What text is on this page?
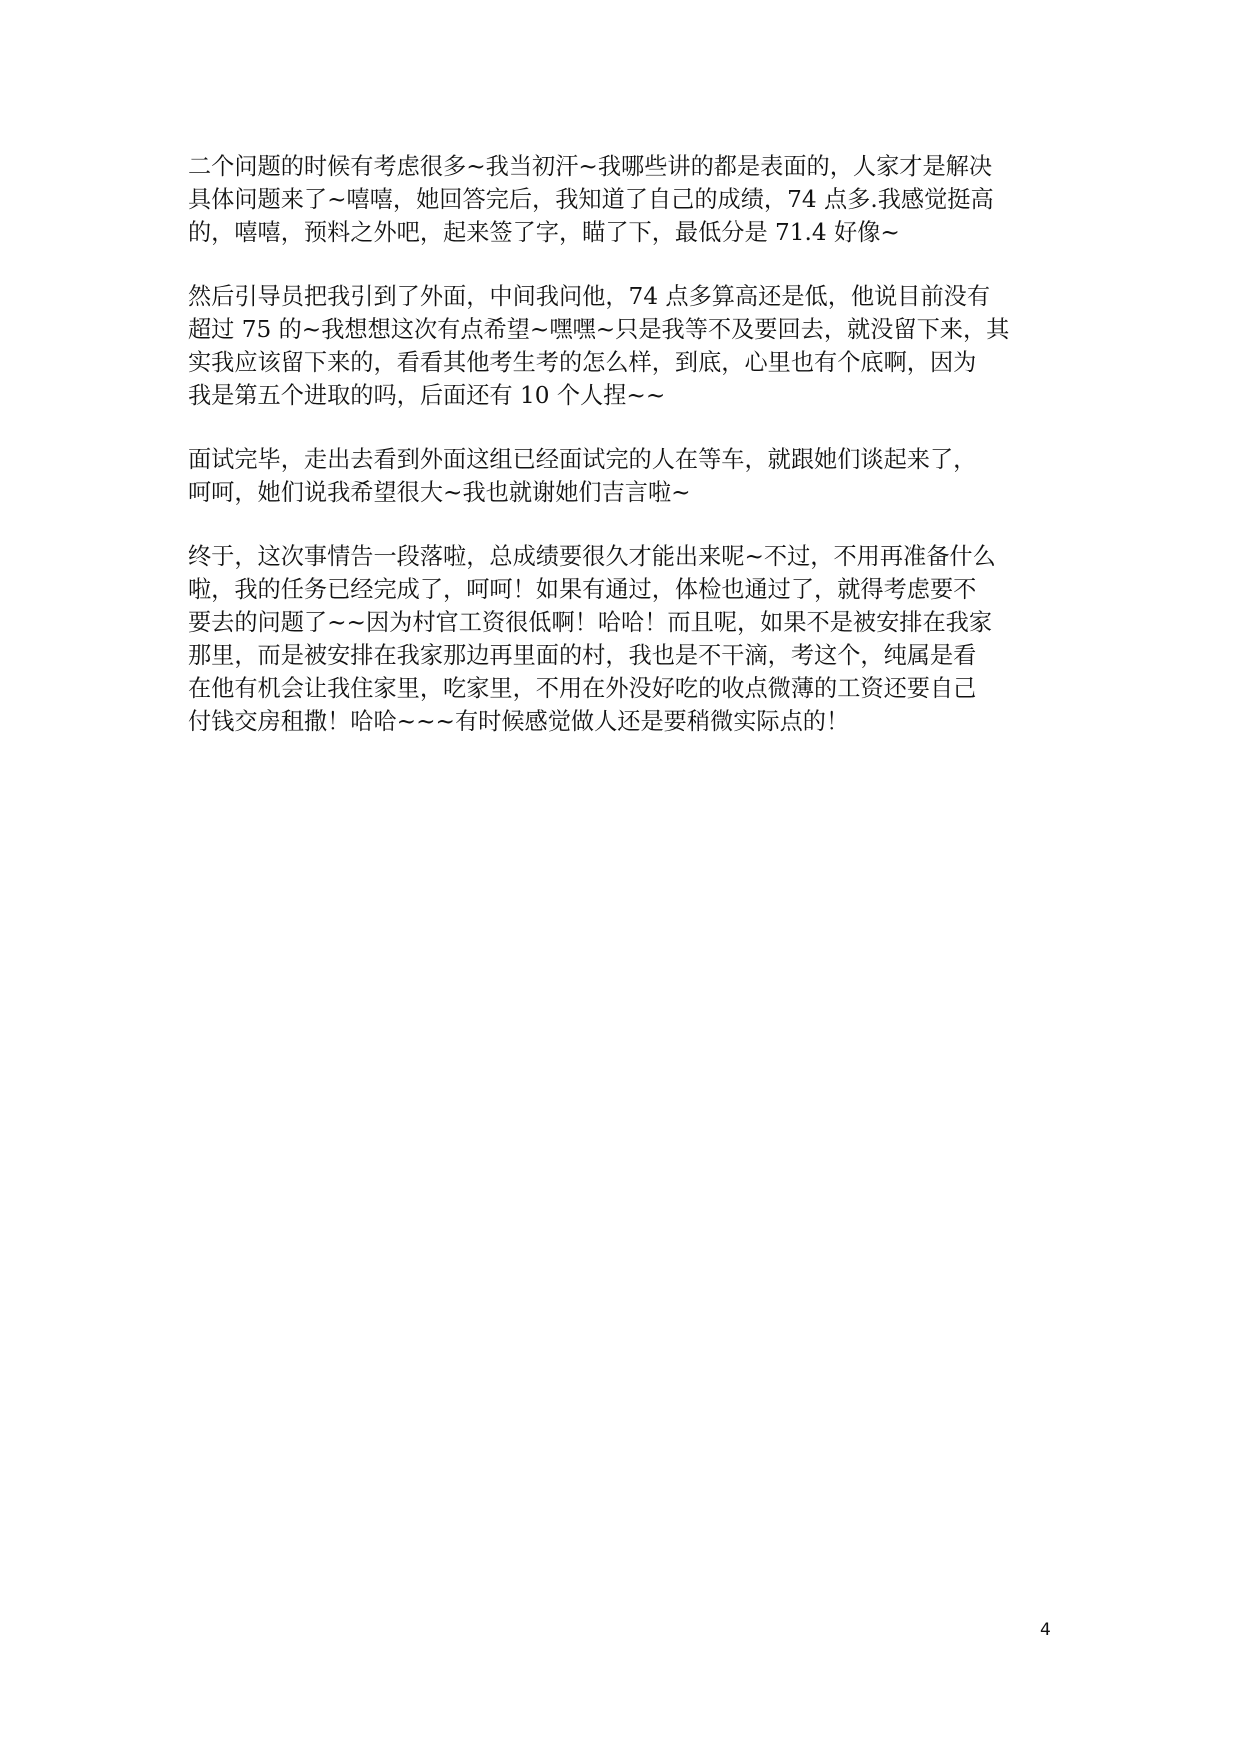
二个问题的时候有考虑很多~我当初汗~我哪些讲的都是表面的，人家才是解决
具体问题来了~嘻嘻，她回答完后，我知道了自己的成绩，74 点多.我感觉挺高
的，嘻嘻，预料之外吧，起来签了字，瞄了下，最低分是 71.4 好像~

然后引导员把我引到了外面，中间我问他，74 点多算高还是低，他说目前没有
超过 75 的~我想想这次有点希望~嘿嘿~只是我等不及要回去，就没留下来，其
实我应该留下来的，看看其他考生考的怎么样，到底，心里也有个底啊，因为
我是第五个进取的吗，后面还有 10 个人捏~~

面试完毕，走出去看到外面这组已经面试完的人在等车，就跟她们谈起来了，
呵呵，她们说我希望很大~我也就谢她们吉言啦~

终于，这次事情告一段落啦，总成绩要很久才能出来呢~不过，不用再准备什么
啦，我的任务已经完成了，呵呵！如果有通过，体检也通过了，就得考虑要不
要去的问题了~~因为村官工资很低啊！哈哈！而且呢，如果不是被安排在我家
那里，而是被安排在我家那边再里面的村，我也是不干滴，考这个，纯属是看
在他有机会让我住家里，吃家里，不用在外没好吃的收点微薄的工资还要自己
付钱交房租撒！哈哈~~~有时候感觉做人还是要稍微实际点的！

4
